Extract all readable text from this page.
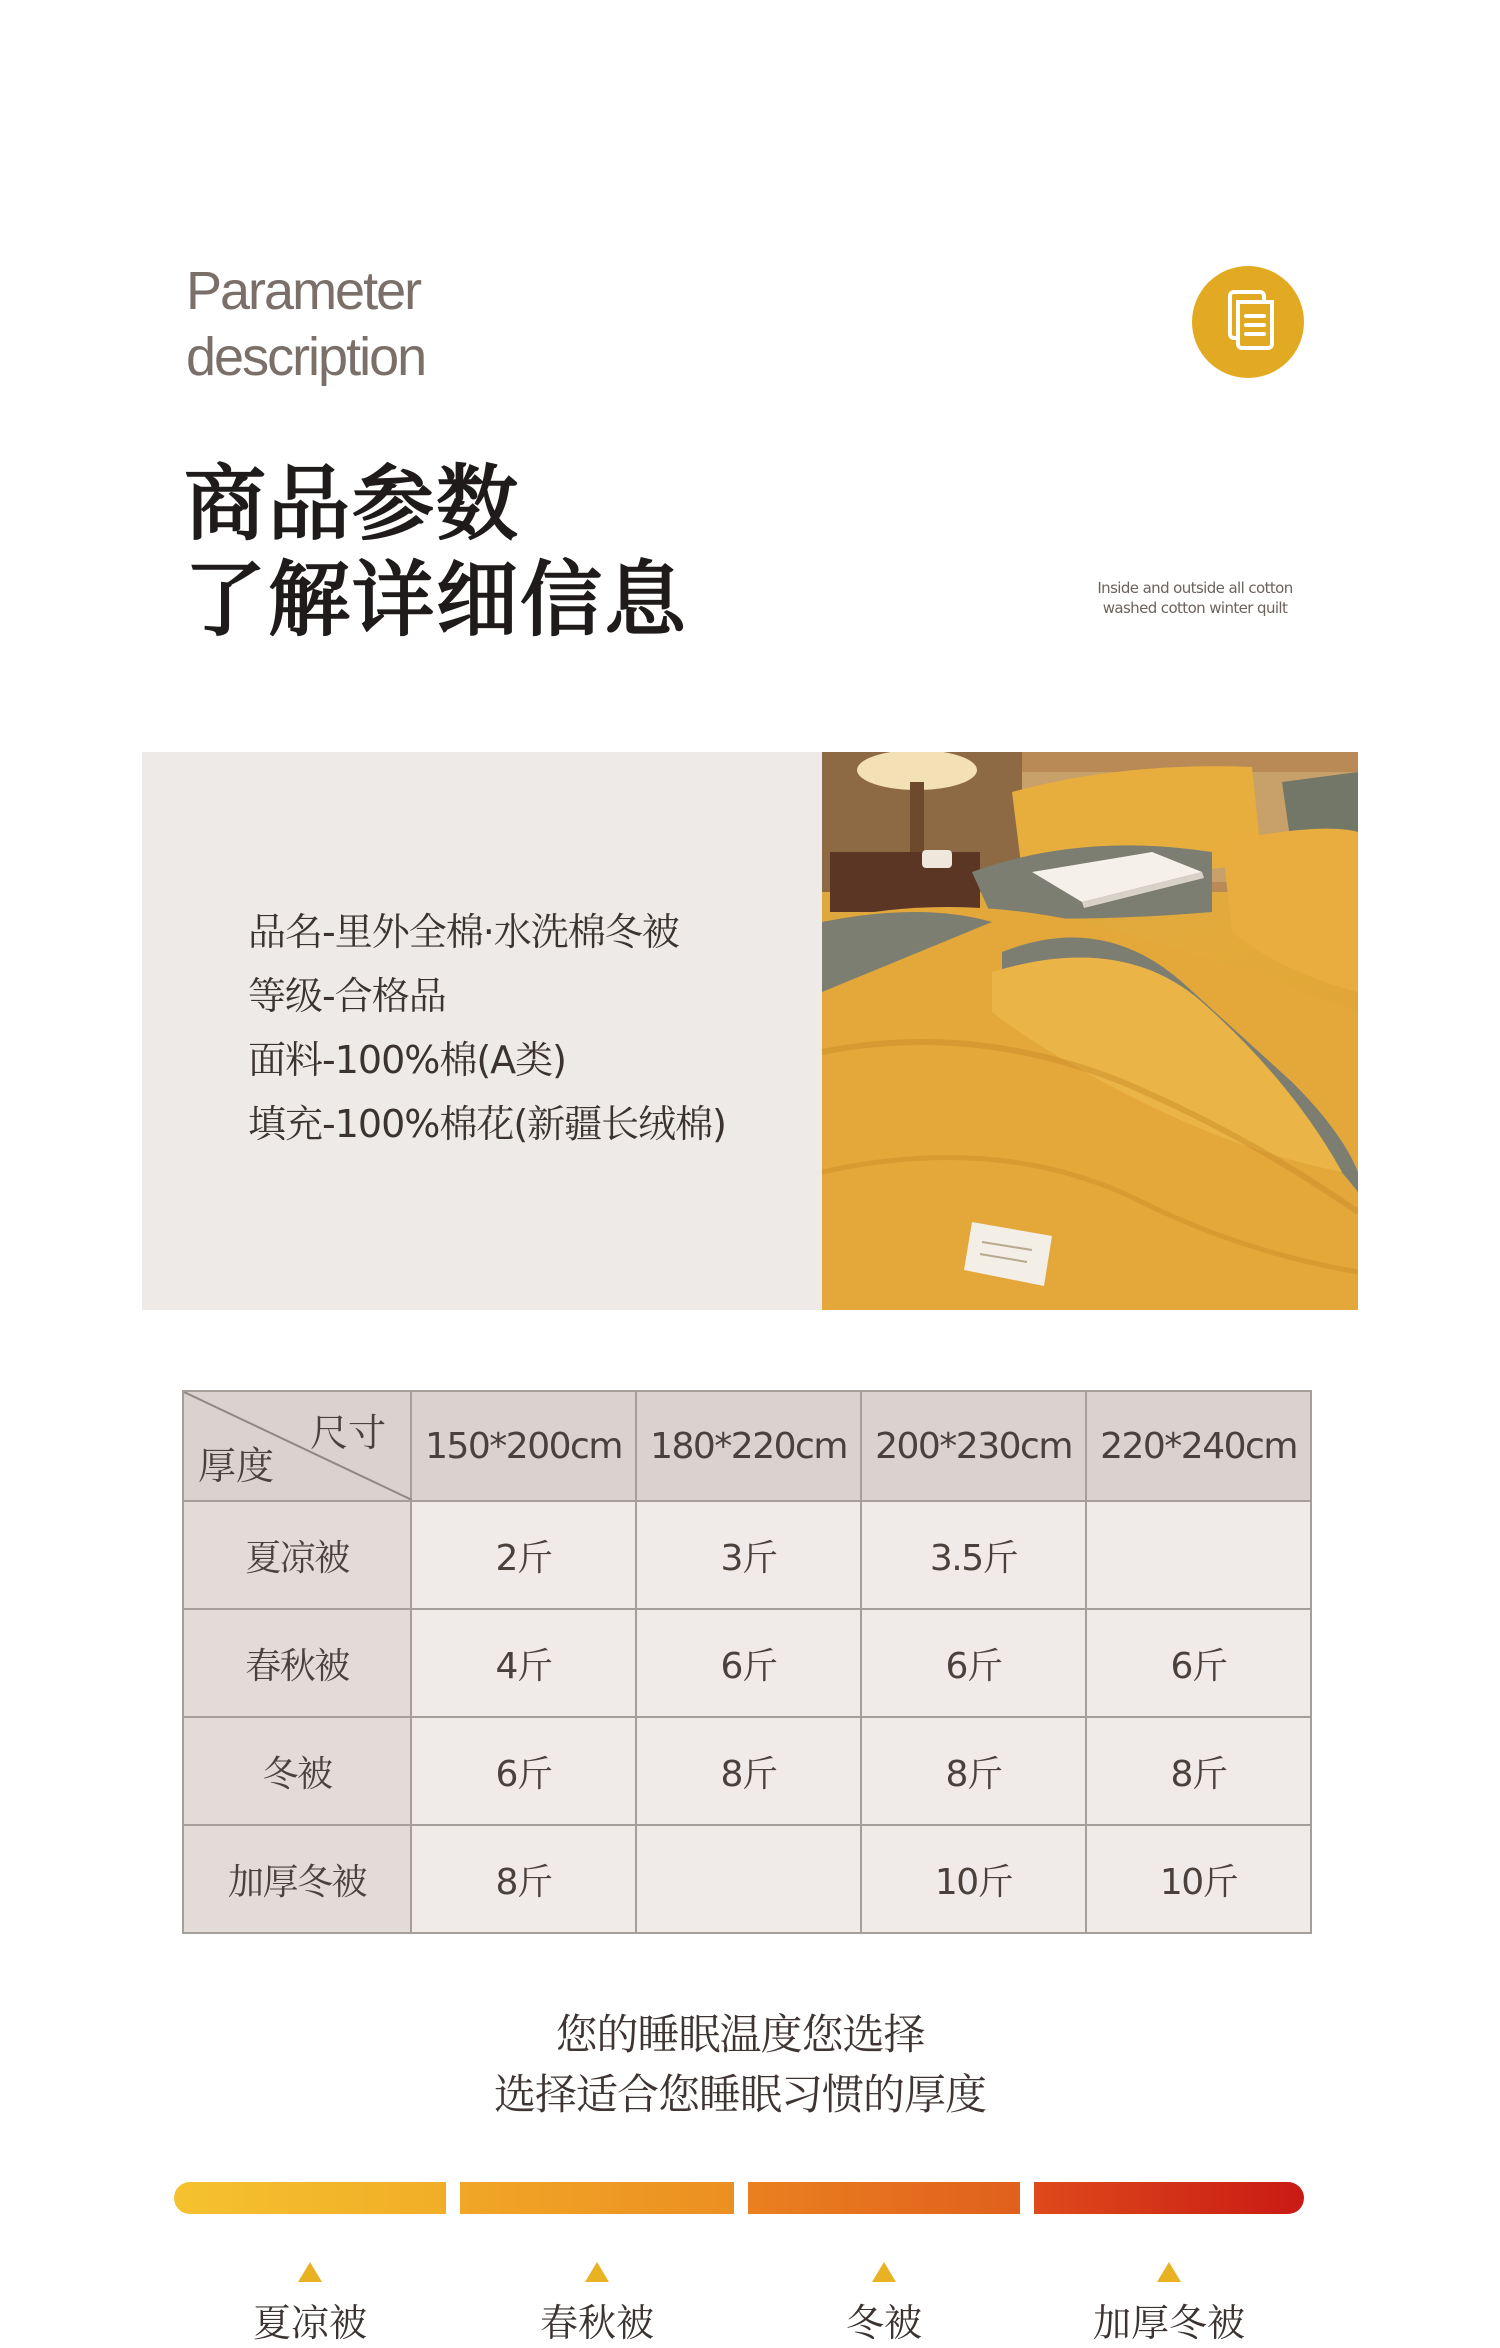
Parameter
description
商品参数
了解详细信息	Inside and outside all cotton
washed cotton winter quilt
品名-里外全棉·水洗棉冬被
等级-合格品
面料-100%棉(A类)
填充-100%棉花(新疆长绒棉)
尺寸
厚度	150*200cm	180*220cm	200*230cm	220*240cm
夏凉被	2斤	3斤	3.5斤	
春秋被	4斤	6斤	6斤	6斤
冬被	6斤	8斤	8斤	8斤
加厚冬被	8斤		10斤	10斤
您的睡眠温度您选择
选择适合您睡眠习惯的厚度
夏凉被	春秋被	冬被	加厚冬被
